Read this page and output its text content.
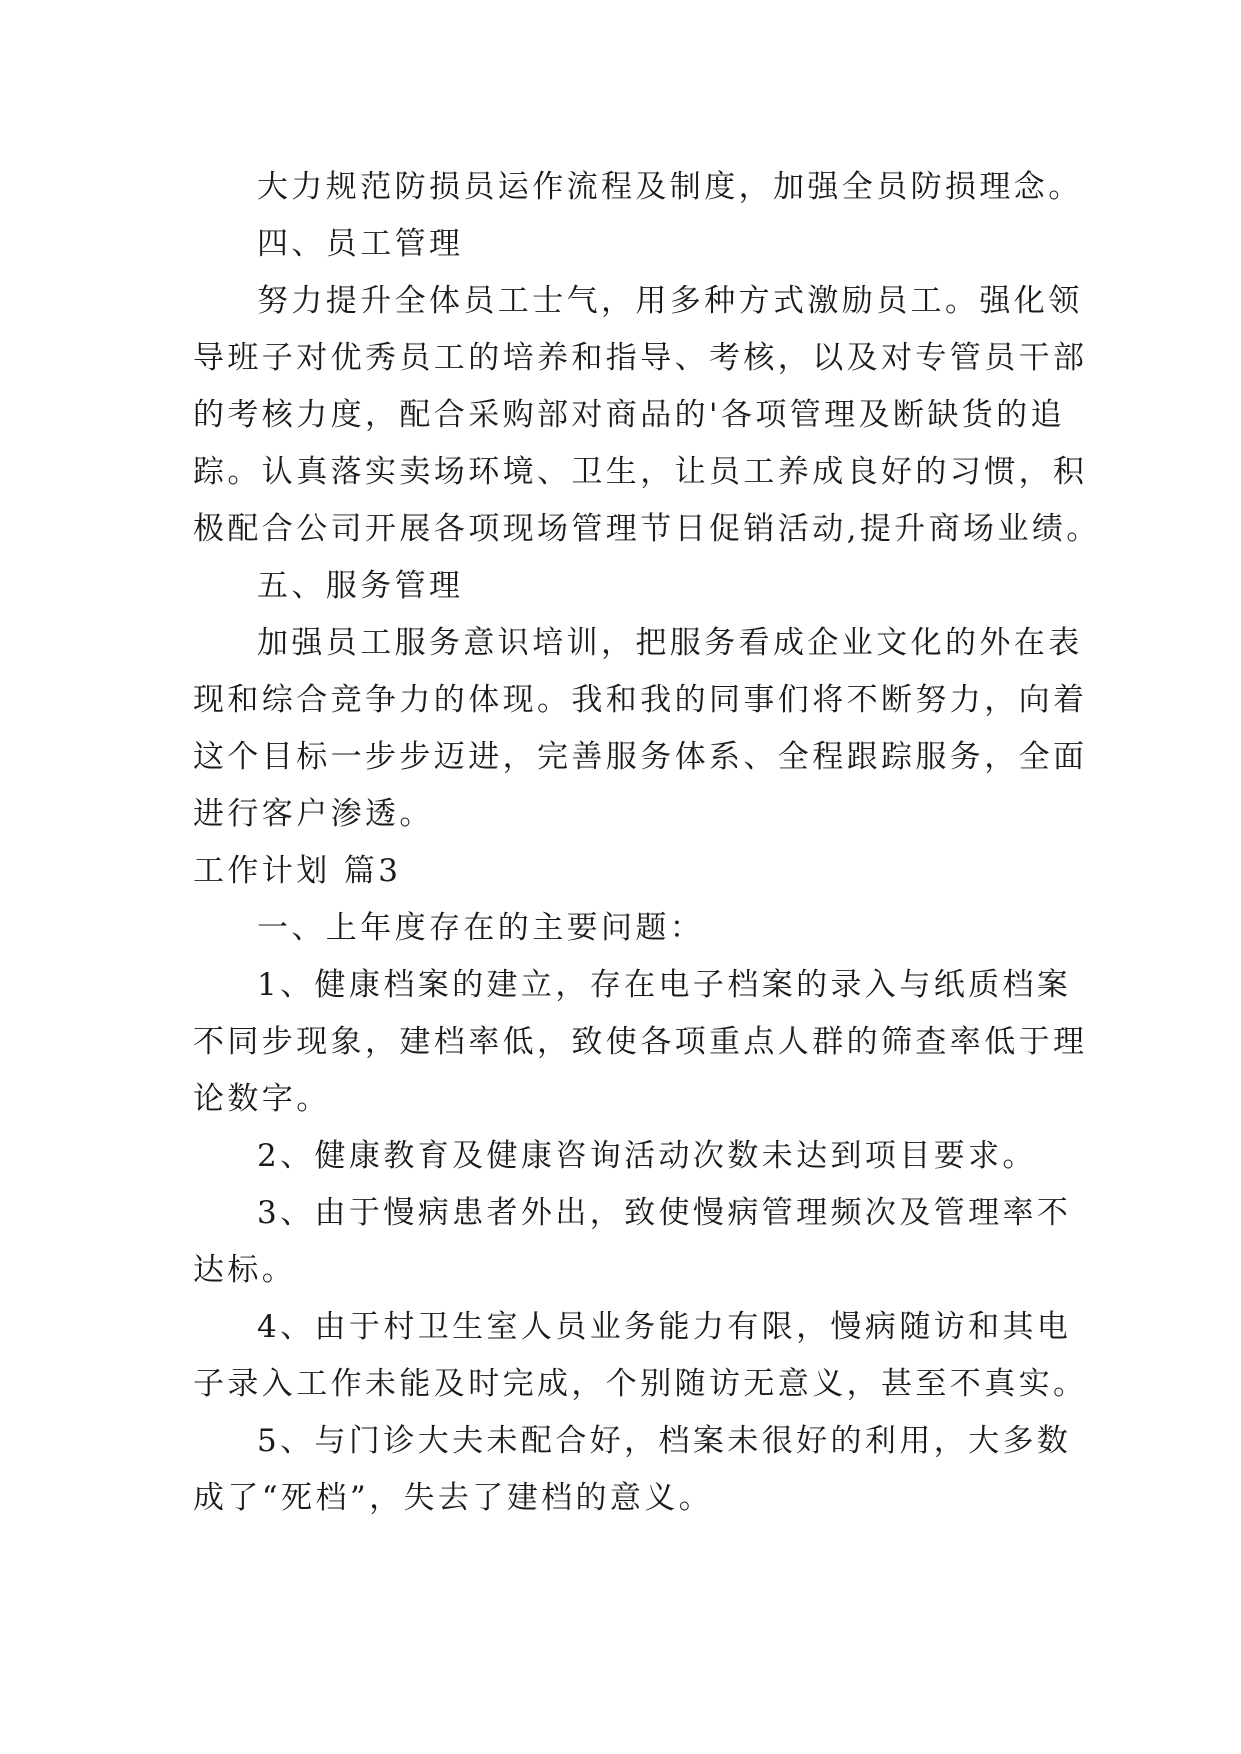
大力规范防损员运作流程及制度，加强全员防损理念。
四、员工管理
努力提升全体员工士气，用多种方式激励员工。强化领
导班子对优秀员工的培养和指导、考核，以及对专管员干部
的考核力度，配合采购部对商品的'各项管理及断缺货的追
踪。认真落实卖场环境、卫生，让员工养成良好的习惯，积
极配合公司开展各项现场管理节日促销活动,提升商场业绩。
五、服务管理
加强员工服务意识培训，把服务看成企业文化的外在表
现和综合竞争力的体现。我和我的同事们将不断努力，向着
这个目标一步步迈进，完善服务体系、全程跟踪服务，全面
进行客户渗透。
工作计划 篇3
一、上年度存在的主要问题：
1、健康档案的建立，存在电子档案的录入与纸质档案
不同步现象，建档率低，致使各项重点人群的筛查率低于理
论数字。
2、健康教育及健康咨询活动次数未达到项目要求。
3、由于慢病患者外出，致使慢病管理频次及管理率不
达标。
4、由于村卫生室人员业务能力有限，慢病随访和其电
子录入工作未能及时完成，个别随访无意义，甚至不真实。
5、与门诊大夫未配合好，档案未很好的利用，大多数
成了“死档”，失去了建档的意义。
